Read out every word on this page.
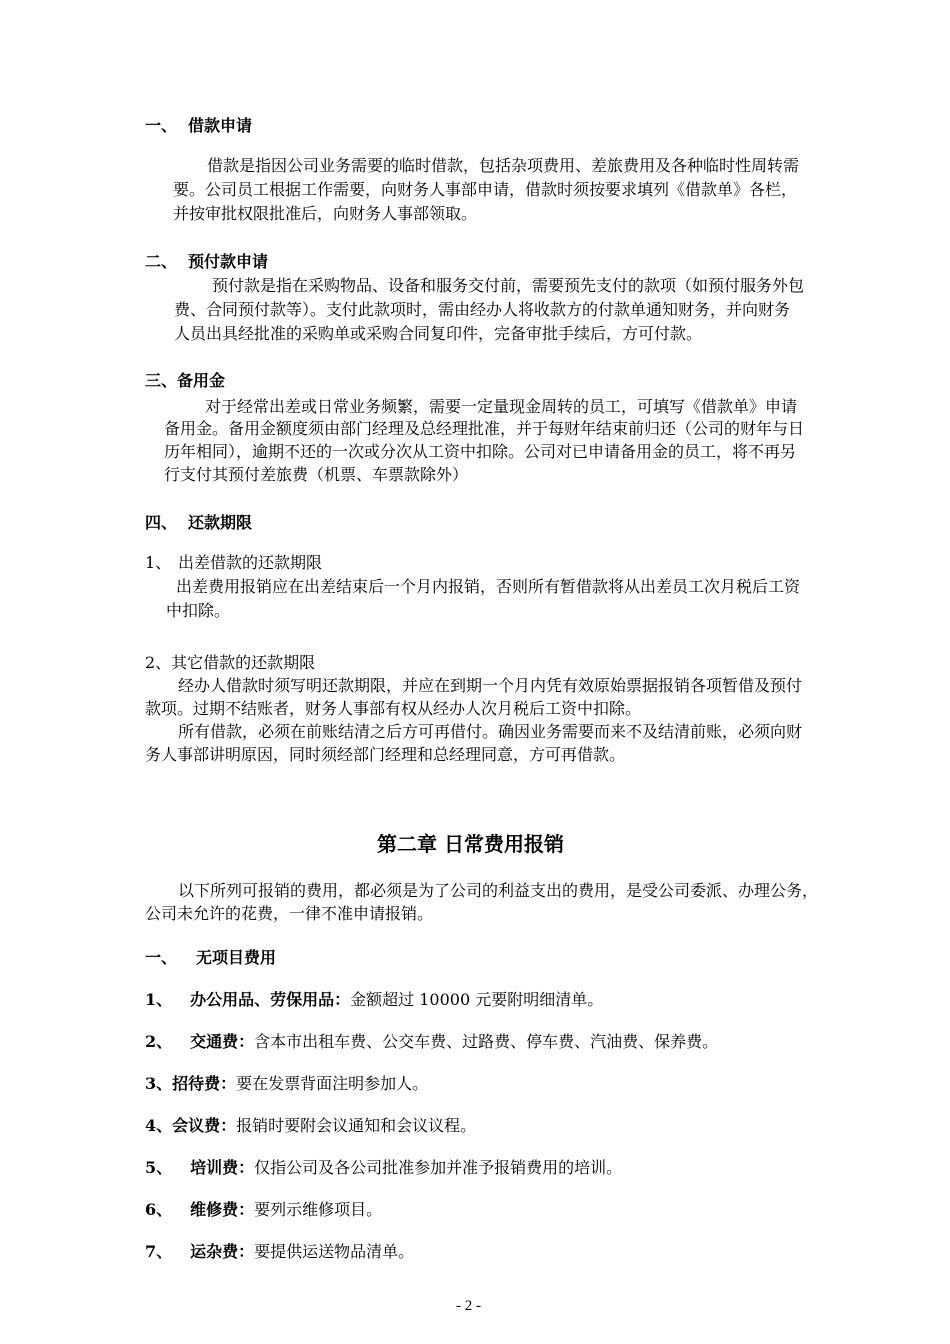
一、 借款申请
借款是指因公司业务需要的临时借款，包括杂项费用、差旅费用及各种临时性周转需
要。公司员工根据工作需要，向财务人事部申请，借款时须按要求填列《借款单》各栏，
并按审批权限批准后，向财务人事部领取。
二、 预付款申请
预付款是指在采购物品、设备和服务交付前，需要预先支付的款项（如预付服务外包
费、合同预付款等）。支付此款项时，需由经办人将收款方的付款单通知财务，并向财务
人员出具经批准的采购单或采购合同复印件，完备审批手续后，方可付款。
三、备用金
对于经常出差或日常业务频繁，需要一定量现金周转的员工，可填写《借款单》申请
备用金。备用金额度须由部门经理及总经理批准，并于每财年结束前归还（公司的财年与日
历年相同），逾期不还的一次或分次从工资中扣除。公司对已申请备用金的员工，将不再另
行支付其预付差旅费（机票、车票款除外）
四、 还款期限
1、 出差借款的还款期限
出差费用报销应在出差结束后一个月内报销，否则所有暂借款将从出差员工次月税后工资
中扣除。
2、其它借款的还款期限
经办人借款时须写明还款期限，并应在到期一个月内凭有效原始票据报销各项暂借及预付
款项。过期不结账者，财务人事部有权从经办人次月税后工资中扣除。
所有借款，必须在前账结清之后方可再借付。确因业务需要而来不及结清前账，必须向财
务人事部讲明原因，同时须经部门经理和总经理同意，方可再借款。
第二章 日常费用报销
以下所列可报销的费用，都必须是为了公司的利益支出的费用，是受公司委派、办理公务，
公司未允许的花费，一律不准申请报销。
一、 无项目费用
1、 办公用品、劳保用品：金额超过 10000 元要附明细清单。
2、 交通费：含本市出租车费、公交车费、过路费、停车费、汽油费、保养费。
3、招待费：要在发票背面注明参加人。
4、会议费：报销时要附会议通知和会议议程。
5、 培训费：仅指公司及各公司批准参加并准予报销费用的培训。
6、 维修费：要列示维修项目。
7、 运杂费：要提供运送物品清单。
- 2 -
